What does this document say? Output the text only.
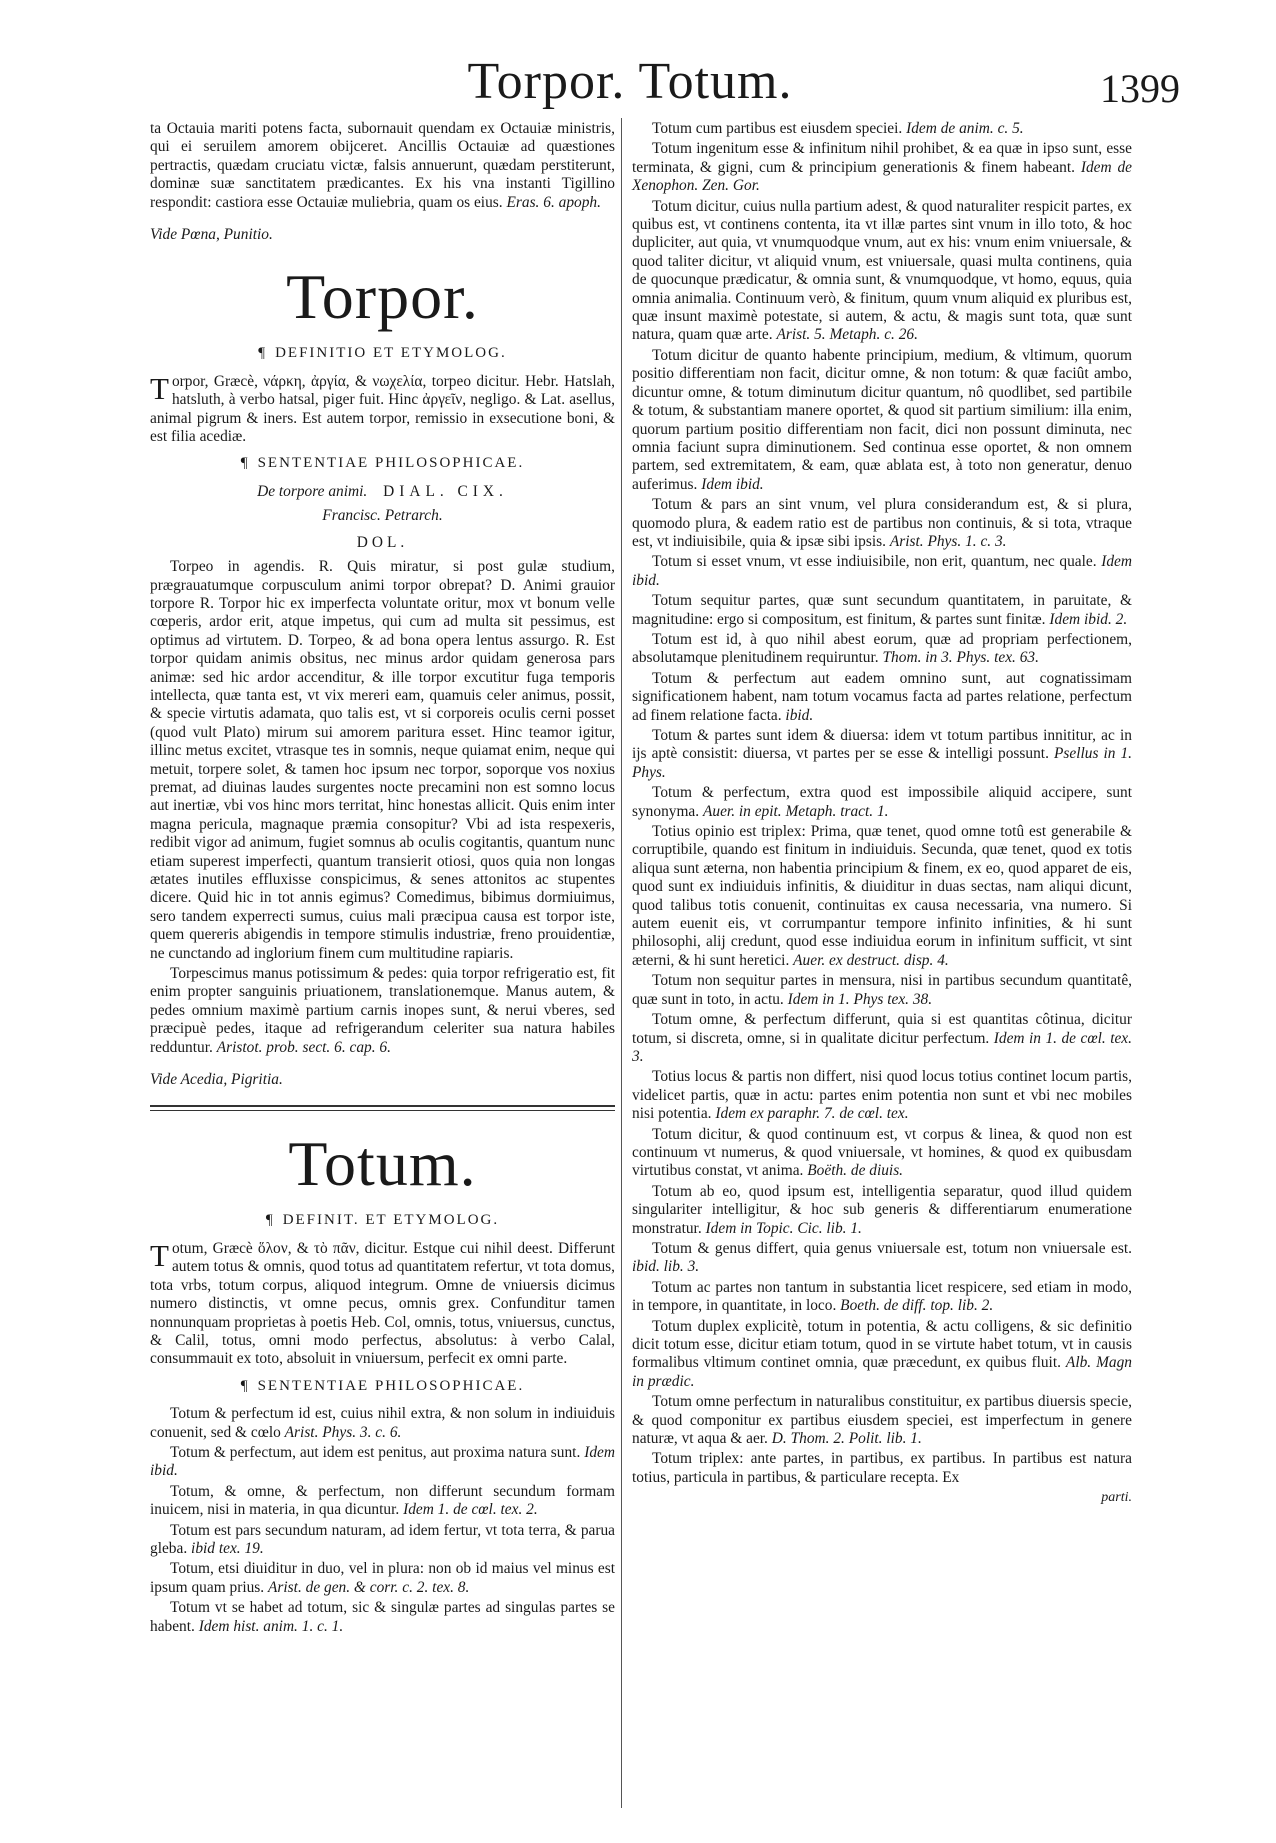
Torpor. Totum.	1399

ta Octauia mariti potens facta, subornauit quendam ex Octauiæ ministris, qui ei seruilem amorem obijceret. Ancillis Octauiæ ad quæstiones pertractis, quædam cruciatu victæ, falsis annuerunt, quædam perstiterunt, dominæ suæ sanctitatem prædicantes. Ex his vna instanti Tigillino respondit: castiora esse Octauiæ muliebria, quam os eius. Eras. 6. apoph.

Vide Pœna, Punitio.

Torpor.
¶ DEFINITIO ET ETYMOLOG.

Torpor, Græcè, νάρκη, ἀργία, & νωχελία, torpeo dicitur. Hebr. Hatslah, hatsluth, à verbo hatsal, piger fuit. Hinc ἀργεῖν, negligo. & Lat. asellus, animal pigrum & iners. Est autem torpor, remissio in exsecutione boni, & est filia acediæ.

¶ SENTENTIAE PHILOSOPHICAE.
De torpore animi. DIAL. CIX.
Francisc. Petrarch.
DOL.

Torpeo in agendis. R. Quis miratur, si post gulæ studium, prægrauatumque corpusculum animi torpor obrepat? D. Animi grauior torpore R. Torpor hic ex imperfecta voluntate oritur, mox vt bonum velle cœperis, ardor erit, atque impetus, qui cum ad multa sit pessimus, est optimus ad virtutem. D. Torpeo, & ad bona opera lentus assurgo. R. Est torpor quidam animis obsitus, nec minus ardor quidam generosa pars animæ: sed hic ardor accenditur, & ille torpor excutitur fuga temporis intellecta, quæ tanta est, vt vix mereri eam, quamuis celer animus, possit, & specie virtutis adamata, quo talis est, vt si corporeis oculis cerni posset (quod vult Plato) mirum sui amorem paritura esset. Hinc teamor igitur, illinc metus excitet, vtrasque tes in somnis, neque quiamat enim, neque qui metuit, torpere solet, & tamen hoc ipsum nec torpor, soporque vos noxius premat, ad diuinas laudes surgentes nocte precamini non est somno locus aut inertiæ, vbi vos hinc mors territat, hinc honestas allicit. Quis enim inter magna pericula, magnaque præmia consopitur? Vbi ad ista respexeris, redibit vigor ad animum, fugiet somnus ab oculis cogitantis, quantum nunc etiam superest imperfecti, quantum transierit otiosi, quos quia non longas ætates inutiles effluxisse conspicimus, & senes attonitos ac stupentes dicere. Quid hic in tot annis egimus? Comedimus, bibimus dormiuimus, sero tandem experrecti sumus, cuius mali præcipua causa est torpor iste, quem quereris abigendis in tempore stimulis industriæ, freno prouidentiæ, ne cunctando ad inglorium finem cum multitudine rapiaris.

Torpescimus manus potissimum & pedes: quia torpor refrigeratio est, fit enim propter sanguinis priuationem, translationemque. Manus autem, & pedes omnium maximè partium carnis inopes sunt, & nerui vberes, sed præcipuè pedes, itaque ad refrigerandum celeriter sua natura habiles redduntur. Aristot. prob. sect. 6. cap. 6.

Vide Acedia, Pigritia.

Totum.
¶ DEFINIT. ET ETYMOLOG.

Totum, Græcè ὅλον, & τὸ πᾶν, dicitur. Estque cui nihil deest. Differunt autem totus & omnis, quod totus ad quantitatem refertur, vt tota domus, tota vrbs, totum corpus, aliquod integrum. Omne de vniuersis dicimus numero distinctis, vt omne pecus, omnis grex. Confunditur tamen nonnunquam proprietas à poetis Heb. Col, omnis, totus, vniuersus, cunctus, & Calil, totus, omni modo perfectus, absolutus: à verbo Calal, consummauit ex toto, absoluit in vniuersum, perfecit ex omni parte.

¶ SENTENTIAE PHILOSOPHICAE.

Totum & perfectum id est, cuius nihil extra, & non solum in indiuiduis conuenit, sed & cœlo Arist. Phys. 3. c. 6.

Totum & perfectum, aut idem est penitus, aut proxima natura sunt. Idem ibid.

Totum, & omne, & perfectum, non differunt secundum formam inuicem, nisi in materia, in qua dicuntur. Idem 1. de cœl. tex. 2.

Totum est pars secundum naturam, ad idem fertur, vt tota terra, & parua gleba. ibid tex. 19.

Totum, etsi diuiditur in duo, vel in plura: non ob id maius vel minus est ipsum quam prius. Arist. de gen. & corr. c. 2. tex. 8.

Totum vt se habet ad totum, sic & singulæ partes ad singulas partes se habent. Idem hist. anim. 1. c. 1.

Totum cum partibus est eiusdem speciei. Idem de anim. c. 5.

Totum ingenitum esse & infinitum nihil prohibet, & ea quæ in ipso sunt, esse terminata, & gigni, cum & principium generationis & finem habeant. Idem de Xenophon. Zen. Gor.

Totum dicitur, cuius nulla partium adest, & quod naturaliter respicit partes, ex quibus est, vt continens contenta, ita vt illæ partes sint vnum in illo toto, & hoc dupliciter, aut quia, vt vnumquodque vnum, aut ex his: vnum enim vniuersale, & quod taliter dicitur, vt aliquid vnum, est vniuersale, quasi multa continens, quia de quocunque prædicatur, & omnia sunt, & vnumquodque, vt homo, equus, quia omnia animalia. Continuum verò, & finitum, quum vnum aliquid ex pluribus est, quæ insunt maximè potestate, si autem, & actu, & magis sunt tota, quæ sunt natura, quam quæ arte. Arist. 5. Metaph. c. 26.

Totum dicitur de quanto habente principium, medium, & vltimum, quorum positio differentiam non facit, dicitur omne, & non totum: & quæ faciût ambo, dicuntur omne, & totum diminutum dicitur quantum, nô quodlibet, sed partibile & totum, & substantiam manere oportet, & quod sit partium similium: illa enim, quorum partium positio differentiam non facit, dici non possunt diminuta, nec omnia faciunt supra diminutionem. Sed continua esse oportet, & non omnem partem, sed extremitatem, & eam, quæ ablata est, à toto non generatur, denuo auferimus. Idem ibid.

Totum & pars an sint vnum, vel plura considerandum est, & si plura, quomodo plura, & eadem ratio est de partibus non continuis, & si tota, vtraque est, vt indiuisibile, quia & ipsæ sibi ipsis. Arist. Phys. 1. c. 3.

Totum si esset vnum, vt esse indiuisibile, non erit, quantum, nec quale. Idem ibid.

Totum sequitur partes, quæ sunt secundum quantitatem, in paruitate, & magnitudine: ergo si compositum, est finitum, & partes sunt finitæ. Idem ibid. 2.

Totum est id, à quo nihil abest eorum, quæ ad propriam perfectionem, absolutamque plenitudinem requiruntur. Thom. in 3. Phys. tex. 63.

Totum & perfectum aut eadem omnino sunt, aut cognatissimam significationem habent, nam totum vocamus facta ad partes relatione, perfectum ad finem relatione facta. ibid.

Totum & partes sunt idem & diuersa: idem vt totum partibus innititur, ac in ijs aptè consistit: diuersa, vt partes per se esse & intelligi possunt. Psellus in 1. Phys.

Totum & perfectum, extra quod est impossibile aliquid accipere, sunt synonyma. Auer. in epit. Metaph. tract. 1.

Totius opinio est triplex: Prima, quæ tenet, quod omne totû est generabile & corruptibile, quando est finitum in indiuiduis. Secunda, quæ tenet, quod ex totis aliqua sunt æterna, non habentia principium & finem, ex eo, quod apparet de eis, quod sunt ex indiuiduis infinitis, & diuiditur in duas sectas, nam aliqui dicunt, quod talibus totis conuenit, continuitas ex causa necessaria, vna numero. Si autem euenit eis, vt corrumpantur tempore infinito infinities, & hi sunt philosophi, alij credunt, quod esse indiuidua eorum in infinitum sufficit, vt sint æterni, & hi sunt heretici. Auer. ex destruct. disp. 4.

Totum non sequitur partes in mensura, nisi in partibus secundum quantitatê, quæ sunt in toto, in actu. Idem in 1. Phys tex. 38.

Totum omne, & perfectum differunt, quia si est quantitas côtinua, dicitur totum, si discreta, omne, si in qualitate dicitur perfectum. Idem in 1. de cœl. tex. 3.

Totius locus & partis non differt, nisi quod locus totius continet locum partis, videlicet partis, quæ in actu: partes enim potentia non sunt et vbi nec mobiles nisi potentia. Idem ex paraphr. 7. de cœl. tex.

Totum dicitur, & quod continuum est, vt corpus & linea, & quod non est continuum vt numerus, & quod vniuersale, vt homines, & quod ex quibusdam virtutibus constat, vt anima. Boëth. de diuis.

Totum ab eo, quod ipsum est, intelligentia separatur, quod illud quidem singulariter intelligitur, & hoc sub generis & differentiarum enumeratione monstratur. Idem in Topic. Cic. lib. 1.

Totum & genus differt, quia genus vniuersale est, totum non vniuersale est. ibid. lib. 3.

Totum ac partes non tantum in substantia licet respicere, sed etiam in modo, in tempore, in quantitate, in loco. Boeth. de diff. top. lib. 2.

Totum duplex explicitè, totum in potentia, & actu colligens, & sic definitio dicit totum esse, dicitur etiam totum, quod in se virtute habet totum, vt in causis formalibus vltimum continet omnia, quæ præcedunt, ex quibus fluit. Alb. Magn in prædic.

Totum omne perfectum in naturalibus constituitur, ex partibus diuersis specie, & quod componitur ex partibus eiusdem speciei, est imperfectum in genere naturæ, vt aqua & aer. D. Thom. 2. Polit. lib. 1.

Totum triplex: ante partes, in partibus, ex partibus. In partibus est natura totius, particula in partibus, & particulare recepta. Ex

parti.
